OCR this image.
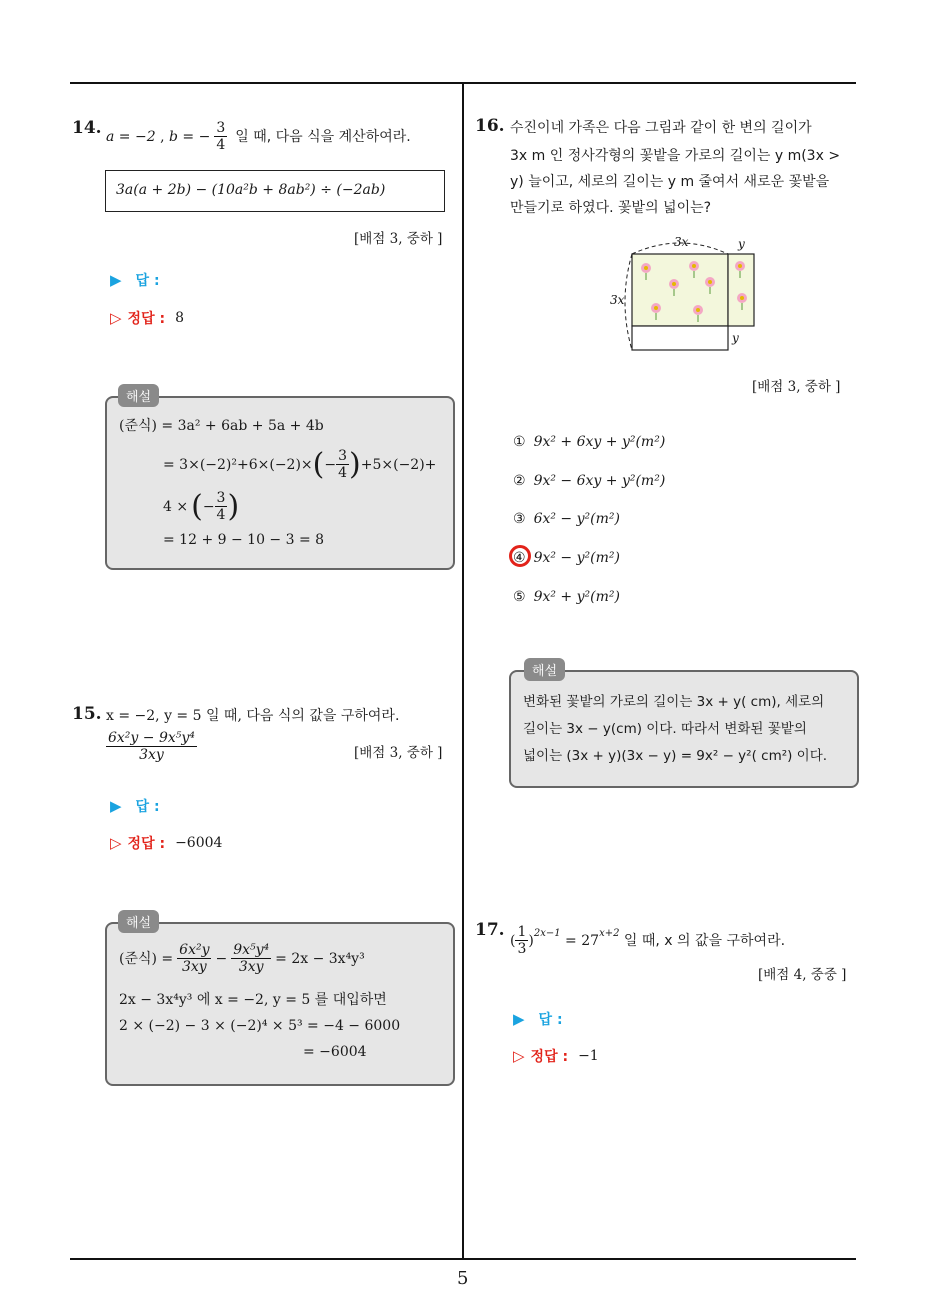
5
14. a = −2 , b = − $\frac{3}{4}$ 일 때, 다음 식을 계산하여라.
3a(a + 2b) − (10a²b + 8ab²) ÷ (−2ab)
[배점 3, 중하 ]
▶ 답 :
▷ 정답 : 8
(준식) = 3a² + 6ab + 5a + 4b
= 3×(−2)²+6×(−2)× ( − $\frac{3}{4}$ ) +5×(−2)+
4 × ( − $\frac{3}{4}$ )
= 12 + 9 − 10 − 3 = 8
해설
15. x = −2, y = 5 일 때, 다음 식의 값을 구하여라.
$\frac{\text{6x²y − 9x⁵y⁴}}{3xy}$	[배점 3, 중하 ]
▶ 답 :
▷ 정답 : −6004
(준식) = $\frac{\text{6x²y}}{3xy} - \frac{\text{9x⁵y⁴}}{3xy} = 2x - 3x^4y^3$
2x − 3x⁴y³ 에 x = −2, y = 5 를 대입하면
2 × (−2) − 3 × (−2)⁴ × 5³ = −4 − 6000
= −6004
해설
16. 수진이네 가족은 다음 그림과 같이 한 변의 길이가
3x m 인 정사각형의 꽃밭을 가로의 길이는 y m(3x >
y) 늘이고, 세로의 길이는 y m 줄여서 새로운 꽃밭을
만들기로 하였다. 꽃밭의 넓이는?
3x	y
3x
y
[배점 3, 중하 ]
① 9x² + 6xy + y²(m²)
② 9x² − 6xy + y²(m²)
③ 6x² − y²(m²)
④ 9x² − y²(m²)
⑤ 9x² + y²(m²)
변화된 꽃밭의 가로의 길이는 3x + y( cm), 세로의
길이는 3x − y(cm) 이다. 따라서 변화된 꽃밭의
넓이는 (3x + y)(3x − y) = 9x² − y²( cm²) 이다.
해설
17.
( $\frac{1}{3} )^{2x-1} = 27^{x+2}$ 일 때, x 의 값을 구하여라.
[배점 4, 중중 ]
▶ 답 :
▷ 정답 : −1
